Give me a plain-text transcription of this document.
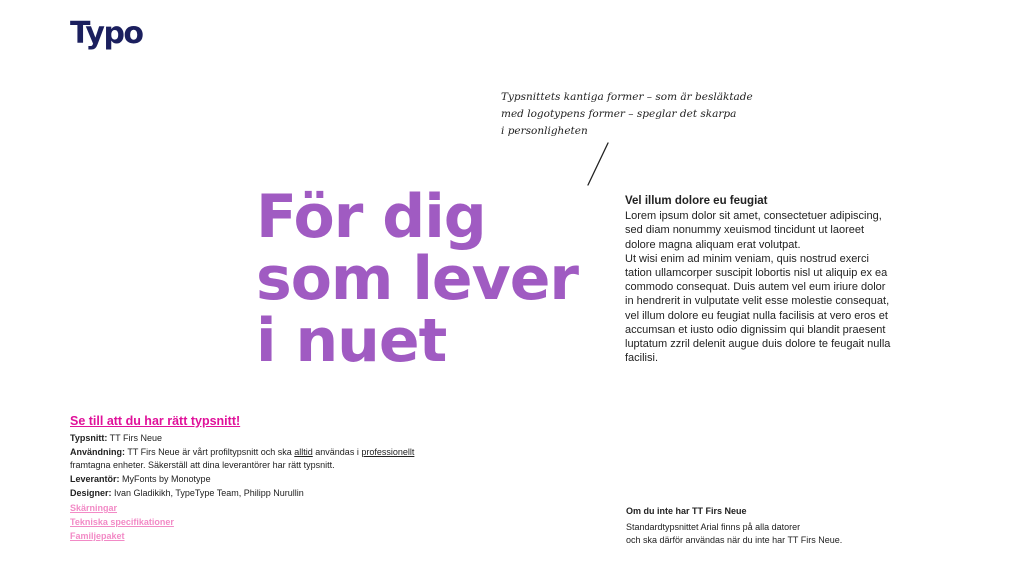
Typo
Typsnittets kantiga former – som är besläktade
med logotypens former – speglar det skarpa
i personligheten
För dig
som lever
i nuet
Vel illum dolore eu feugiat
Lorem ipsum dolor sit amet, consectetuer adipiscing, sed diam nonummy xeuismod tincidunt ut laoreet dolore magna aliquam erat volutpat.
Ut wisi enim ad minim veniam, quis nostrud exerci tation ullamcorper suscipit lobortis nisl ut aliquip ex ea commodo consequat. Duis autem vel eum iriure dolor in hendrerit in vulputate velit esse molestie consequat, vel illum dolore eu feugiat nulla facilisis at vero eros et accumsan et iusto odio dignissim qui blandit praesent luptatum zzril delenit augue duis dolore te feugait nulla facilisi.
Se till att du har rätt typsnitt!
Typsnitt: TT Firs Neue
Användning: TT Firs Neue är vårt profiltypsnitt och ska alltid användas i professionellt
framtagna enheter. Säkerställ att dina leverantörer har rätt typsnitt.
Leverantör: MyFonts by Monotype
Designer: Ivan Gladikikh, TypeType Team, Philipp Nurullin
Skärningar
Tekniska specifikationer
Familjepaket
Om du inte har TT Firs Neue
Standardtypsnittet Arial finns på alla datorer
och ska därför användas när du inte har TT Firs Neue.
